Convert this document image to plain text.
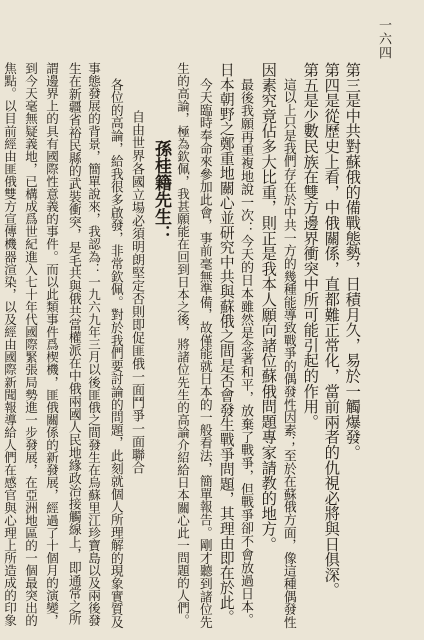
一六四
第三是中共對蘇俄的備戰態勢，日積月久，易於一觸爆發。
第四是從歷史上看，中俄關係，直都難正常化，當前兩者的仇視必將與日俱深。
第五是少數民族在雙方邊界衝突中所可能引起的作用。
這以上只是我們存在於中共一方的幾種能導致戰爭的偶發性因素；至於在蘇俄方面，像這種偶發性
因素究竟佔多大比重，則正是我本人願向諸位蘇俄問題專家請教的地方。
最後我願再重複地說一次：今天的日本雖然是念著和平，放棄了戰爭，但戰爭卻不會放過日本。
日本朝野之鄭重地關心並研究中共與蘇俄之間是否會發生戰爭問題，其理由即在於此。
今天臨時奉命來參加此會，事前毫無準備，故僅能就日本的一般看法，簡單報告。剛才聽到諸位先
生的高論，極為欽佩，我甚願能在回到日本之後，將諸位先生的高論介紹給日本關心此一問題的人們。
孫桂籍先生：
自由世界各國立場必須明朗堅定否則即促匪俄一面鬥爭一面聯合
各位的高論，給我很多啟發，非常欽佩。對於我們要討論的問題，此刻就個人所理解的現象實質及
事態發展的背景，簡單說來，我認為：一九六九年三月以後匪俄之間發生在烏蘇里江珍寶島以及兩後發
生在新疆省裕民縣的武裝衝突，是毛共與俄共當權派在中俄兩國人民地緣政治接觸線上，即通常之所
謂邊界上的具有國際性意義的事件。而以此類事件爲楔機，匪俄關係的新發展，經過了十個月的演變，
到今天毫無疑義地，已構成爲世紀進入七十年代國際緊張局勢進一步發展，在亞洲地區的一個最突出的
焦點。以目前經由匪俄雙方宣傳機器渲染，以及經由國際新聞報導給人們在感官與心理上所造成的印象
